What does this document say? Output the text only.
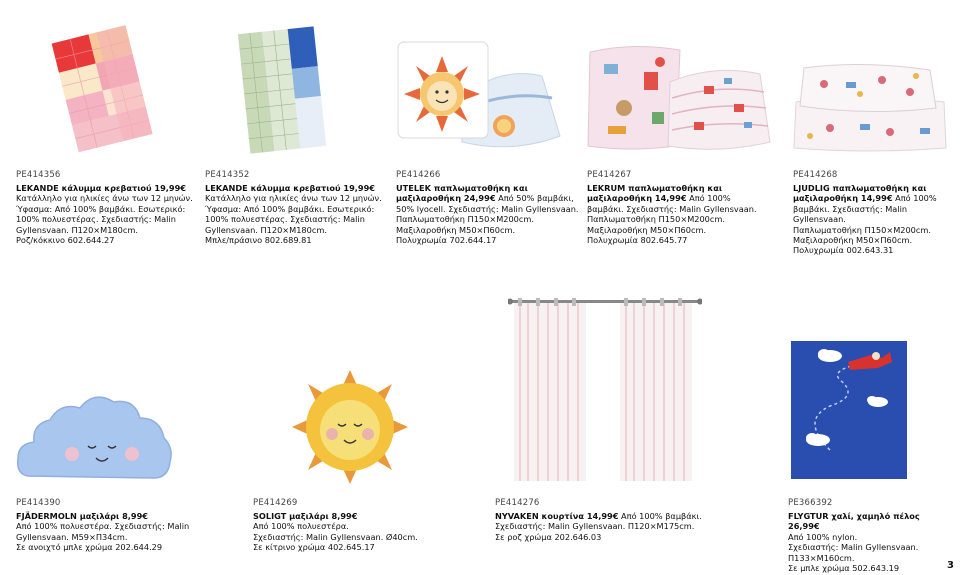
PE414356
LEKANDE κάλυμμα κρεβατιού 19,99€
Κατάλληλο για ηλικίες άνω των 12 μηνών.
Ύφασμα: Από 100% βαμβάκι. Εσωτερικό:
100% πολυεστέρας. Σχεδιαστής: Malin
Gyllensvaan. Π120×Μ180cm.
Ροζ/κόκκινο 602.644.27
PE414352
LEKANDE κάλυμμα κρεβατιού 19,99€
Κατάλληλο για ηλικίες άνω των 12 μηνών.
Ύφασμα: Από 100% βαμβάκι. Εσωτερικό:
100% πολυεστέρας. Σχεδιαστής: Malin
Gyllensvaan. Π120×Μ180cm.
Μπλε/πράσινο 802.689.81
PE414266
UTELEK παπλωματοθήκη και
μαξιλαροθήκη 24,99€ Από 50% βαμβάκι,
50% lyocell. Σχεδιαστής: Malin Gyllensvaan.
Παπλωματοθήκη Π150×Μ200cm.
Μαξιλαροθήκη Μ50×Π60cm.
Πολυχρωμία 702.644.17
PE414267
LEKRUM παπλωματοθήκη και
μαξιλαροθήκη 14,99€ Από 100%
βαμβάκι. Σχεδιαστής: Malin Gyllensvaan.
Παπλωματοθήκη Π150×Μ200cm.
Μαξιλαροθήκη Μ50×Π60cm.
Πολυχρωμία 802.645.77
PE414268
LJUDLIG παπλωματοθήκη και
μαξιλαροθήκη 14,99€ Από 100%
βαμβάκι. Σχεδιαστής: Malin Gyllensvaan.
Παπλωματοθήκη Π150×Μ200cm.
Μαξιλαροθήκη Μ50×Π60cm.
Πολυχρωμία 002.643.31
PE414390
FJÄDERMOLN μαξιλάρι 8,99€
Από 100% πολυεστέρα. Σχεδιαστής: Malin
Gyllensvaan. Μ59×Π34cm.
Σε ανοιχτό μπλε χρώμα 202.644.29
PE414269
SOLIGT μαξιλάρι 8,99€
Από 100% πολυεστέρα.
Σχεδιαστής: Malin Gyllensvaan. Ø40cm.
Σε κίτρινο χρώμα 402.645.17
PE414276
NYVAKEN κουρτίνα 14,99€ Από 100% βαμβάκι.
Σχεδιαστής: Malin Gyllensvaan. Π120×Μ175cm.
Σε ροζ χρώμα 202.646.03
PE366392
FLYGTUR χαλί, χαμηλό πέλος 26,99€
Από 100% nylon.
Σχεδιαστής: Malin Gyllensvaan.
Π133×Μ160cm.
Σε μπλε χρώμα 502.643.19	3
